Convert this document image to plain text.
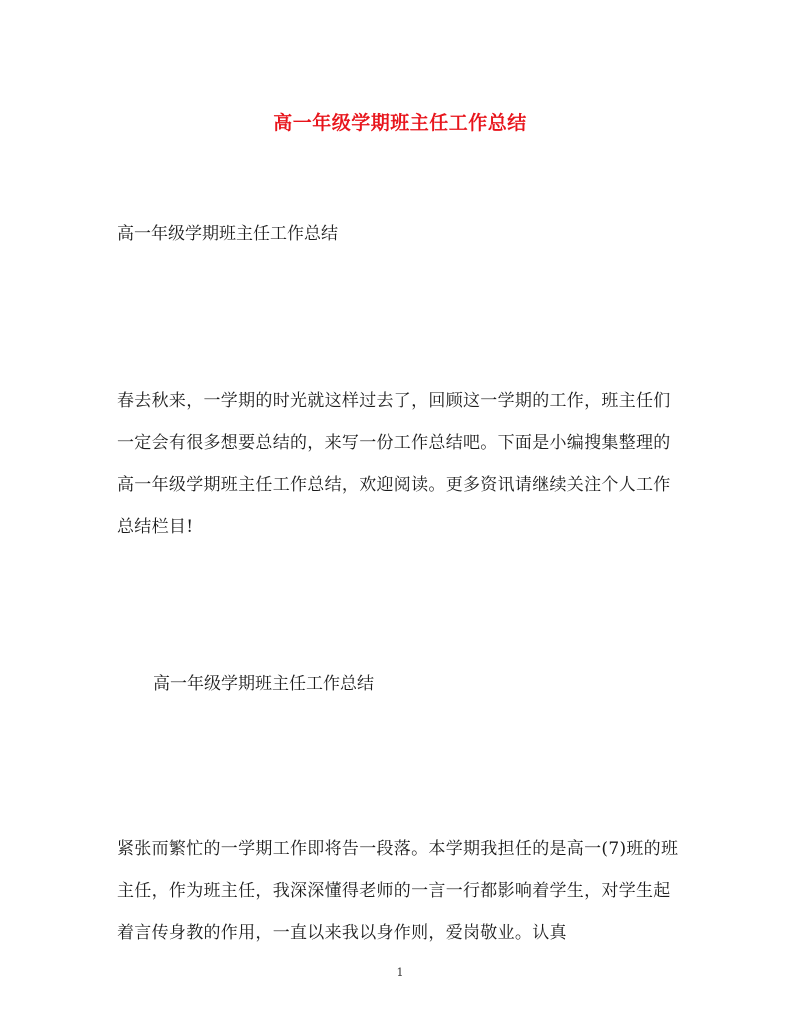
高一年级学期班主任工作总结
高一年级学期班主任工作总结

春去秋来，一学期的时光就这样过去了，回顾这一学期的工作，班主任们一定会有很多想要总结的，来写一份工作总结吧。下面是小编搜集整理的高一年级学期班主任工作总结，欢迎阅读。更多资讯请继续关注个人工作总结栏目!

高一年级学期班主任工作总结

紧张而繁忙的一学期工作即将告一段落。本学期我担任的是高一(7)班的班主任，作为班主任，我深深懂得老师的一言一行都影响着学生，对学生起着言传身教的作用，一直以来我以身作则，爱岗敬业。认真

1
